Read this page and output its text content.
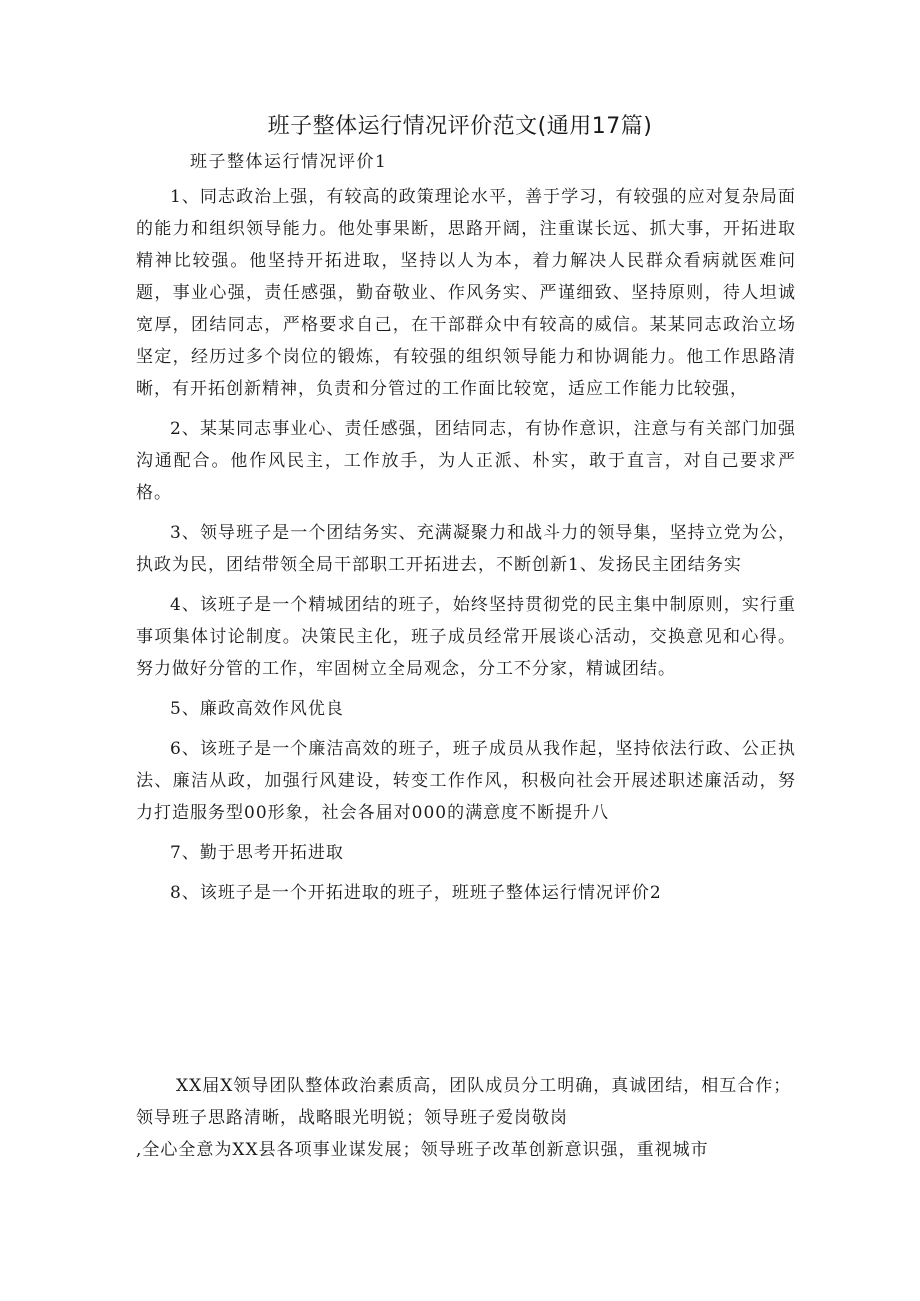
班子整体运行情况评价范文(通用17篇)
班子整体运行情况评价1

1、同志政治上强，有较高的政策理论水平，善于学习，有较强的应对复杂局面的能力和组织领导能力。他处事果断，思路开阔，注重谋长远、抓大事，开拓进取精神比较强。他坚持开拓进取，坚持以人为本，着力解决人民群众看病就医难问题，事业心强，责任感强，勤奋敬业、作风务实、严谨细致、坚持原则，待人坦诚宽厚，团结同志，严格要求自己，在干部群众中有较高的威信。某某同志政治立场坚定，经历过多个岗位的锻炼，有较强的组织领导能力和协调能力。他工作思路清晰，有开拓创新精神，负责和分管过的工作面比较宽，适应工作能力比较强，

2、某某同志事业心、责任感强，团结同志，有协作意识，注意与有关部门加强沟通配合。他作风民主，工作放手，为人正派、朴实，敢于直言，对自己要求严格。

3、领导班子是一个团结务实、充满凝聚力和战斗力的领导集，坚持立党为公，执政为民，团结带领全局干部职工开拓进去，不断创新1、发扬民主团结务实

4、该班子是一个精城团结的班子，始终坚持贯彻党的民主集中制原则，实行重事项集体讨论制度。决策民主化，班子成员经常开展谈心活动，交换意见和心得。努力做好分管的工作，牢固树立全局观念，分工不分家，精诚团结。

5、廉政高效作风优良

6、该班子是一个廉洁高效的班子，班子成员从我作起，坚持依法行政、公正执法、廉洁从政，加强行风建设，转变工作作风，积极向社会开展述职述廉活动，努力打造服务型00形象，社会各届对000的满意度不断提升八

7、勤于思考开拓进取

8、该班子是一个开拓进取的班子，班班子整体运行情况评价2

XX届X领导团队整体政治素质高，团队成员分工明确，真诚团结，相互合作；领导班子思路清晰，战略眼光明锐；领导班子爱岗敬岗

,全心全意为XX县各项事业谋发展；领导班子改革创新意识强，重视城市
